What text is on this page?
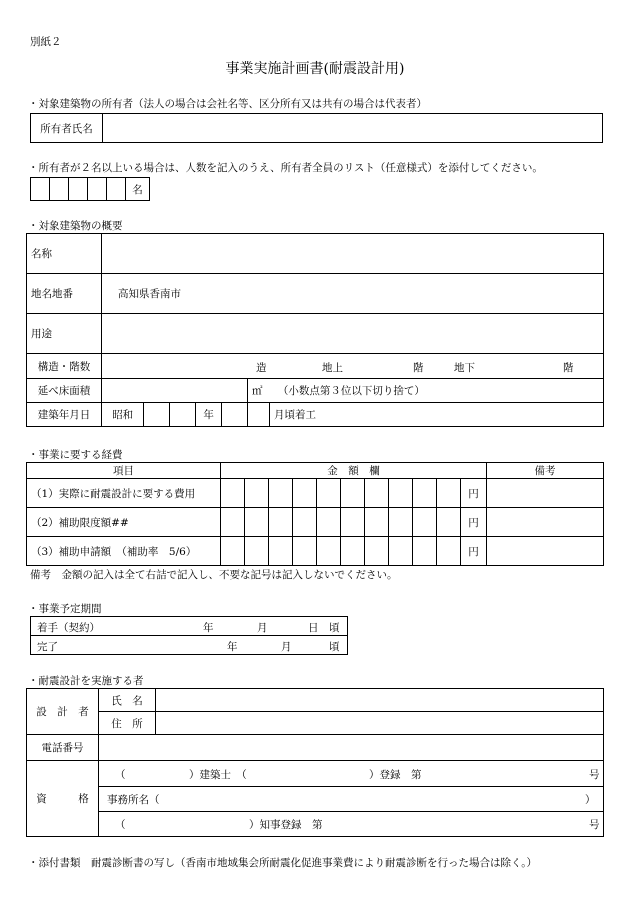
別紙２
事業実施計画書(耐震設計用)
・対象建築物の所有者（法人の場合は会社名等、区分所有又は共有の場合は代表者）
所有者氏名	
・所有者が２名以上いる場合は、人数を記入のうえ、所有者全員のリスト（任意様式）を添付してください。
					名
・対象建築物の概要
名称							
地名地番	高知県香南市						
用途							
構造・階数	造 地上 階 地下 階						

延べ床面積						㎡ （小数点第３位以下切り捨て）	
建築年月日	昭和			年			月頃着工
・事業に要する経費
項目	金　額　欄											備考
（1）実際に耐震設計に要する費用											円	
（2）補助限度額##											円	
（3）補助申請額　（補助率　5/6）											円	
備考　金額の記入は全て右詰で記入し、不要な記号は記入しないでください。
・事業予定期間
着手（契約）	年	月	日　頃

完了	年	月	頃
・耐震設計を実施する者
設　計　者	氏　名	
	住　所	
電話番号		
資　　　格	（ ）建築士　（ ）登録　第 号	

	事務所名（ ）	

	（ ）知事登録　第 号	
・添付書類　耐震診断書の写し（香南市地域集会所耐震化促進事業費により耐震診断を行った場合は除く。）
